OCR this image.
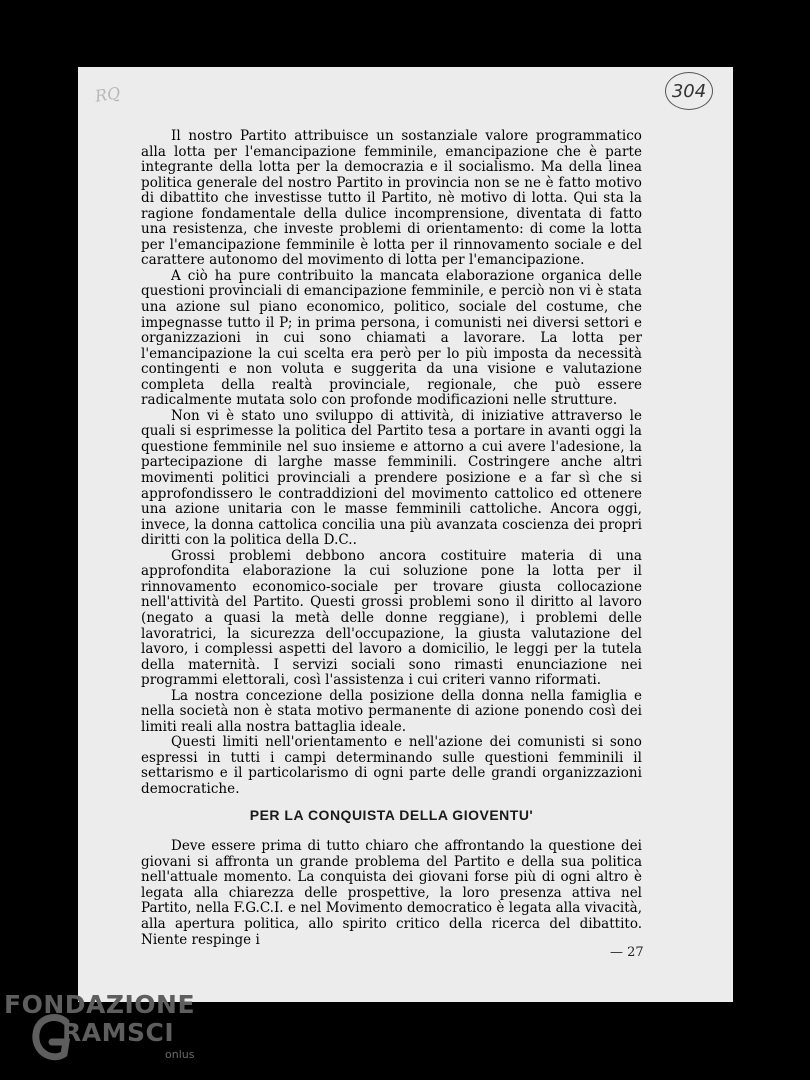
RQ	304

Il nostro Partito attribuisce un sostanziale valore programmatico alla lotta per l'emancipazione femminile, emancipazione che è parte integrante della lotta per la democrazia e il socialismo. Ma della linea politica generale del nostro Partito in provincia non se ne è fatto motivo di dibattito che investisse tutto il Partito, nè motivo di lotta. Qui sta la ragione fondamentale della dulice incomprensione, diventata di fatto una resistenza, che investe problemi di orientamento: di come la lotta per l'emancipazione femminile è lotta per il rinnovamento sociale e del carattere autonomo del movimento di lotta per l'emancipazione.

A ciò ha pure contribuito la mancata elaborazione organica delle questioni provinciali di emancipazione femminile, e perciò non vi è stata una azione sul piano economico, politico, sociale del costume, che impegnasse tutto il P; in prima persona, i comunisti nei diversi settori e organizzazioni in cui sono chiamati a lavorare. La lotta per l'emancipazione la cui scelta era però per lo più imposta da necessità contingenti e non voluta e suggerita da una visione e valutazione completa della realtà provinciale, regionale, che può essere radicalmente mutata solo con profonde modificazioni nelle strutture.

Non vi è stato uno sviluppo di attività, di iniziative attraverso le quali si esprimesse la politica del Partito tesa a portare in avanti oggi la questione femminile nel suo insieme e attorno a cui avere l'adesione, la partecipazione di larghe masse femminili. Costringere anche altri movimenti politici provinciali a prendere posizione e a far sì che si approfondissero le contraddizioni del movimento cattolico ed ottenere una azione unitaria con le masse femminili cattoliche. Ancora oggi, invece, la donna cattolica concilia una più avanzata coscienza dei propri diritti con la politica della D.C..

Grossi problemi debbono ancora costituire materia di una approfondita elaborazione la cui soluzione pone la lotta per il rinnovamento economico-sociale per trovare giusta collocazione nell'attività del Partito. Questi grossi problemi sono il diritto al lavoro (negato a quasi la metà delle donne reggiane), i problemi delle lavoratrici, la sicurezza dell'occupazione, la giusta valutazione del lavoro, i complessi aspetti del lavoro a domicilio, le leggi per la tutela della maternità. I servizi sociali sono rimasti enunciazione nei programmi elettorali, così l'assistenza i cui criteri vanno riformati.

La nostra concezione della posizione della donna nella famiglia e nella società non è stata motivo permanente di azione ponendo così dei limiti reali alla nostra battaglia ideale.

Questi limiti nell'orientamento e nell'azione dei comunisti si sono espressi in tutti i campi determinando sulle questioni femminili il settarismo e il particolarismo di ogni parte delle grandi organizzazioni democratiche.

PER LA CONQUISTA DELLA GIOVENTU'

Deve essere prima di tutto chiaro che affrontando la questione dei giovani si affronta un grande problema del Partito e della sua politica nell'attuale momento. La conquista dei giovani forse più di ogni altro è legata alla chiarezza delle prospettive, la loro presenza attiva nel Partito, nella F.G.C.I. e nel Movimento democratico è legata alla vivacità, alla apertura politica, allo spirito critico della ricerca del dibattito. Niente respinge i

— 27
FONDAZIONE
RAMSCI
onlus
